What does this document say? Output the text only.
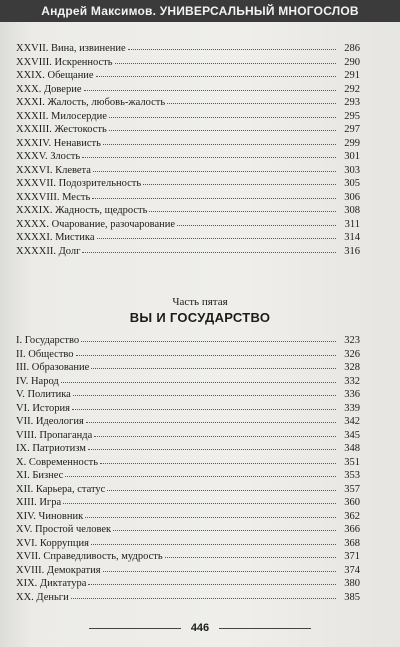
Андрей Максимов. УНИВЕРСАЛЬНЫЙ МНОГОСЛОВ
XXVII. Вина, извинение	286
XXVIII. Искренность	290
XXIX. Обещание	291
XXX. Доверие	292
XXXI. Жалость, любовь-жалость	293
XXXII. Милосердие	295
XXXIII. Жестокость	297
XXXIV. Ненависть	299
XXXV. Злость	301
XXXVI. Клевета	303
XXXVII. Подозрительность	305
XXXVIII. Месть	306
XXXIX. Жадность, щедрость	308
XXXX. Очарование, разочарование	311
XXXXI. Мистика	314
XXXXII. Долг	316
Часть пятая
ВЫ И ГОСУДАРСТВО
I. Государство	323
II. Общество	326
III. Образование	328
IV. Народ	332
V. Политика	336
VI. История	339
VII. Идеология	342
VIII. Пропаганда	345
IX. Патриотизм	348
X. Современность	351
XI. Бизнес	353
XII. Карьера, статус	357
XIII. Игра	360
XIV. Чиновник	362
XV. Простой человек	366
XVI. Коррупция	368
XVII. Справедливость, мудрость	371
XVIII. Демократия	374
XIX. Диктатура	380
XX. Деньги	385
446
